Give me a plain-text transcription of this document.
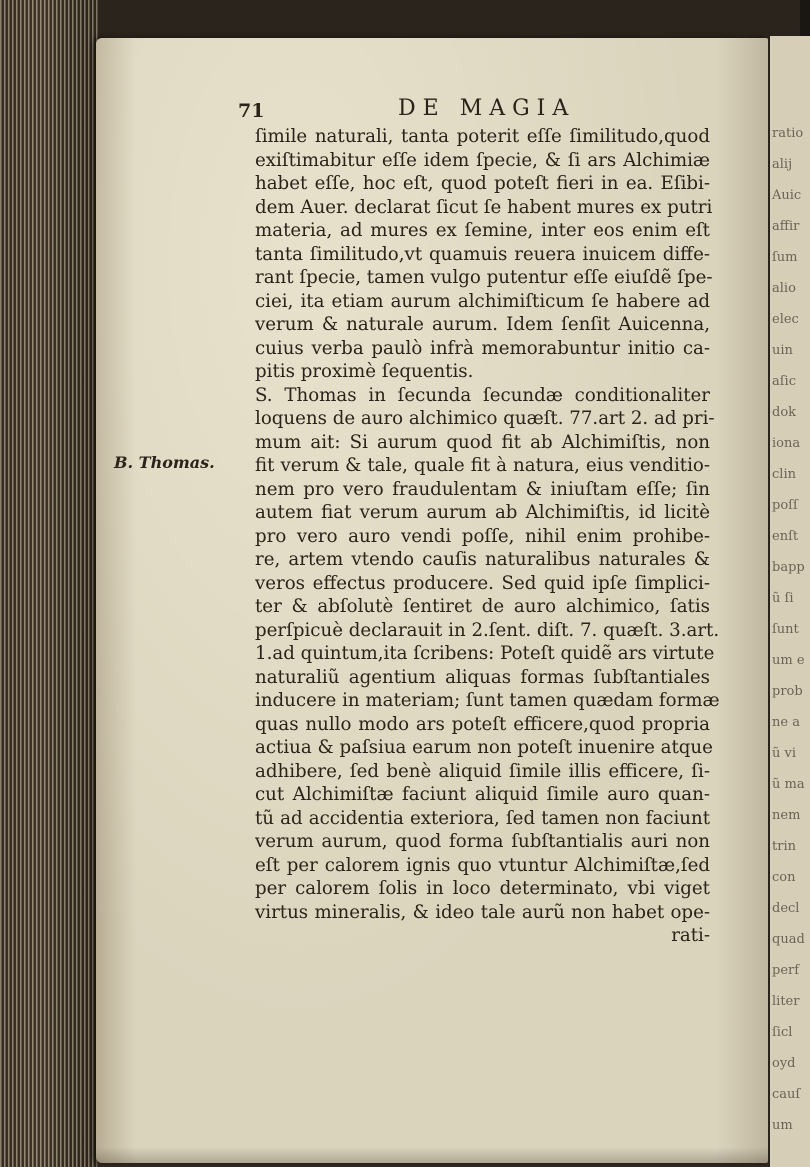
ratio
alij
Auic
affir
ſum
alio
elec
uin
aſic
dok
iona
clin
poſſ
enſt
bapp
ũ ſi
ſunt
um e
prob
ne a
ũ vi
ũ ma
nem
trin
con
decl
quad
perf
liter
ſicl
oyd
cauſ
um
71	DE MAGIA
B. Thomas.
ſimile naturali, tanta poterit eſſe ſimilitudo,quod
exiſtimabitur eſſe idem ſpecie, & ſi ars Alchimiæ
habet eſſe, hoc eſt, quod poteſt fieri in ea. Eſibi-
dem Auer. declarat ſicut ſe habent mures ex putri
materia, ad mures ex ſemine, inter eos enim eſt
tanta ſimilitudo,vt quamuis reuera inuicem diffe-
rant ſpecie, tamen vulgo putentur eſſe eiuſdẽ ſpe-
ciei, ita etiam aurum alchimiſticum ſe habere ad
verum & naturale aurum. Idem ſenſit Auicenna,
cuius verba paulò infrà memorabuntur initio ca-
pitis proximè ſequentis.
S. Thomas in ſecunda ſecundæ conditionaliter
loquens de auro alchimico quæſt. 77.art 2. ad pri-
mum ait: Si aurum quod fit ab Alchimiſtis, non
fit verum & tale, quale fit à natura, eius venditio-
nem pro vero fraudulentam & iniuſtam eſſe; ſin
autem fiat verum aurum ab Alchimiſtis, id licitè
pro vero auro vendi poſſe, nihil enim prohibe-
re, artem vtendo cauſis naturalibus naturales &
veros effectus producere. Sed quid ipſe ſimplici-
ter & abſolutè ſentiret de auro alchimico, ſatis
perſpicuè declarauit in 2.ſent. diſt. 7. quæſt. 3.art.
1.ad quintum,ita ſcribens: Poteſt quidẽ ars virtute
naturaliũ agentium aliquas formas ſubſtantiales
inducere in materiam; ſunt tamen quædam formæ
quas nullo modo ars poteſt efficere,quod propria
actiua & paſsiua earum non poteſt inuenire atque
adhibere, ſed benè aliquid ſimile illis efficere, ſi-
cut Alchimiſtæ faciunt aliquid ſimile auro quan-
tũ ad accidentia exteriora, ſed tamen non faciunt
verum aurum, quod forma ſubſtantialis auri non
eſt per calorem ignis quo vtuntur Alchimiſtæ,ſed
per calorem ſolis in loco determinato, vbi viget
virtus mineralis, & ideo tale aurũ non habet ope-
rati-
